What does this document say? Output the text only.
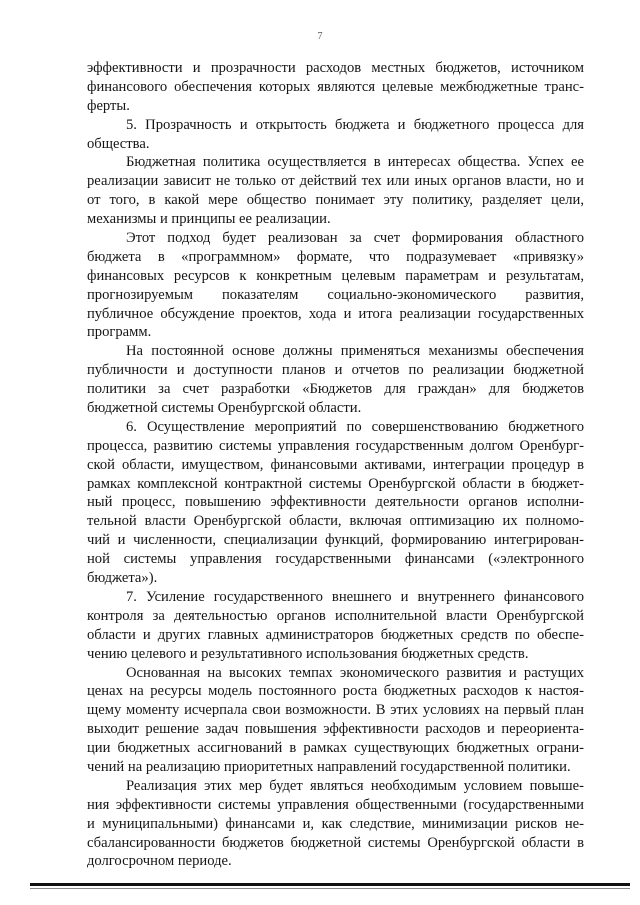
7
эффективности и прозрачности расходов местных бюджетов, источником
финансового обеспечения которых являются целевые межбюджетные транс-
ферты.
5. Прозрачность и открытость бюджета и бюджетного процесса для
общества.
Бюджетная политика осуществляется в интересах общества. Успех ее
реализации зависит не только от действий тех или иных органов власти, но и
от того, в какой мере общество понимает эту политику, разделяет цели,
механизмы и принципы ее реализации.
Этот подход будет реализован за счет формирования областного
бюджета в «программном» формате, что подразумевает «привязку»
финансовых ресурсов к конкретным целевым параметрам и результатам,
прогнозируемым показателям социально-экономического развития,
публичное обсуждение проектов, хода и итога реализации государственных
программ.
На постоянной основе должны применяться механизмы обеспечения
публичности и доступности планов и отчетов по реализации бюджетной
политики за счет разработки «Бюджетов для граждан» для бюджетов
бюджетной системы Оренбургской области.
6. Осуществление мероприятий по совершенствованию бюджетного
процесса, развитию системы управления государственным долгом Оренбург-
ской области, имуществом, финансовыми активами, интеграции процедур в
рамках комплексной контрактной системы Оренбургской области в бюджет-
ный процесс, повышению эффективности деятельности органов исполни-
тельной власти Оренбургской области, включая оптимизацию их полномо-
чий и численности, специализации функций, формированию интегрирован-
ной системы управления государственными финансами («электронного
бюджета»).
7. Усиление государственного внешнего и внутреннего финансового
контроля за деятельностью органов исполнительной власти Оренбургской
области и других главных администраторов бюджетных средств по обеспе-
чению целевого и результативного использования бюджетных средств.
Основанная на высоких темпах экономического развития и растущих
ценах на ресурсы модель постоянного роста бюджетных расходов к настоя-
щему моменту исчерпала свои возможности. В этих условиях на первый план
выходит решение задач повышения эффективности расходов и переориента-
ции бюджетных ассигнований в рамках существующих бюджетных ограни-
чений на реализацию приоритетных направлений государственной политики.
Реализация этих мер будет являться необходимым условием повыше-
ния эффективности системы управления общественными (государственными
и муниципальными) финансами и, как следствие, минимизации рисков не-
сбалансированности бюджетов бюджетной системы Оренбургской области в
долгосрочном периоде.
